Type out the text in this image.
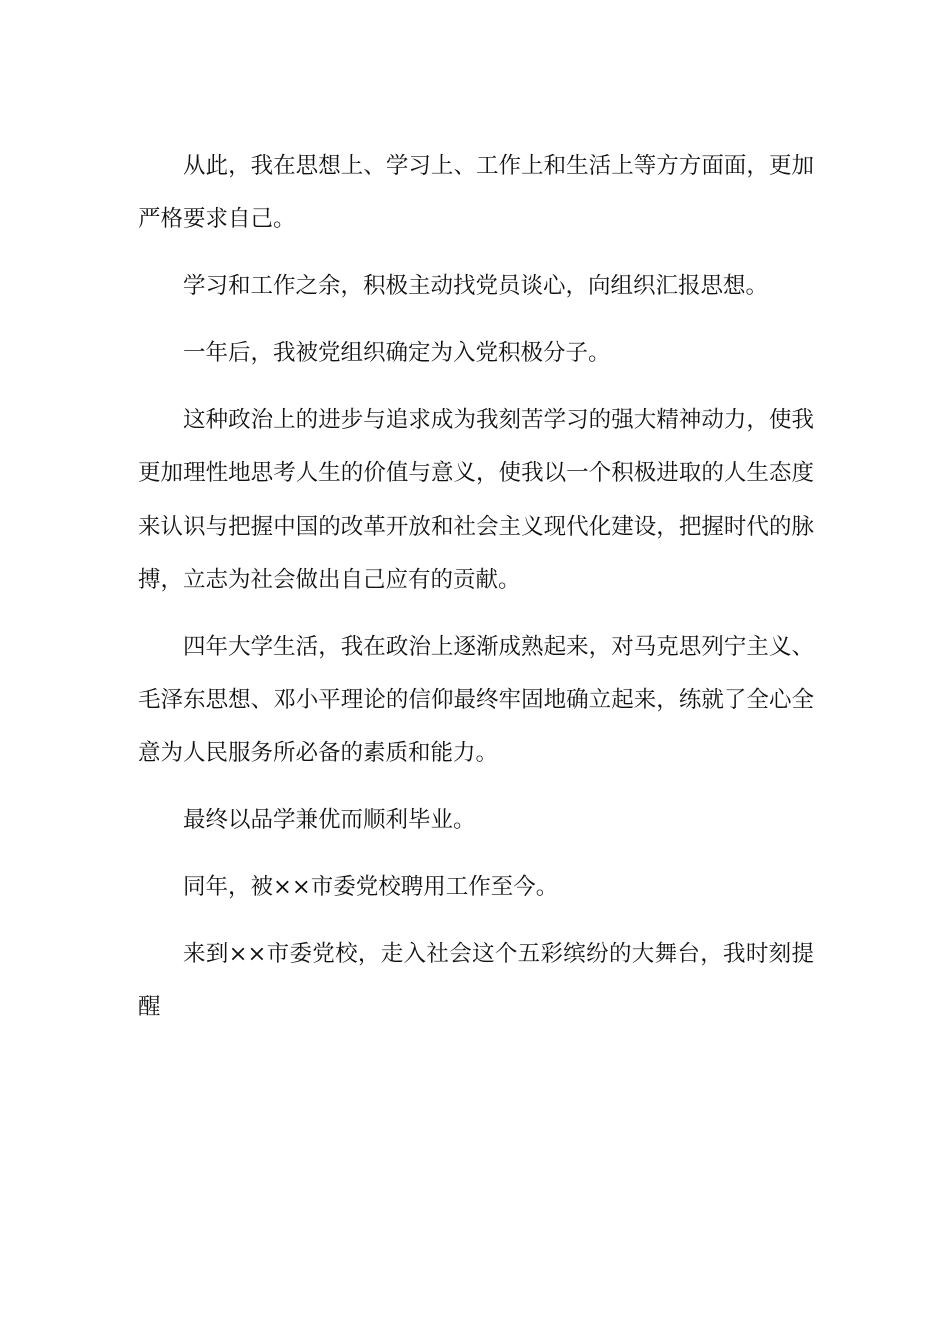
从此，我在思想上、学习上、工作上和生活上等方方面面，更加严格要求自己。

学习和工作之余，积极主动找党员谈心，向组织汇报思想。

一年后，我被党组织确定为入党积极分子。

这种政治上的进步与追求成为我刻苦学习的强大精神动力，使我更加理性地思考人生的价值与意义，使我以一个积极进取的人生态度来认识与把握中国的改革开放和社会主义现代化建设，把握时代的脉搏，立志为社会做出自己应有的贡献。

四年大学生活，我在政治上逐渐成熟起来，对马克思列宁主义、毛泽东思想、邓小平理论的信仰最终牢固地确立起来，练就了全心全意为人民服务所必备的素质和能力。

最终以品学兼优而顺利毕业。

同年，被××市委党校聘用工作至今。

来到××市委党校，走入社会这个五彩缤纷的大舞台，我时刻提醒
